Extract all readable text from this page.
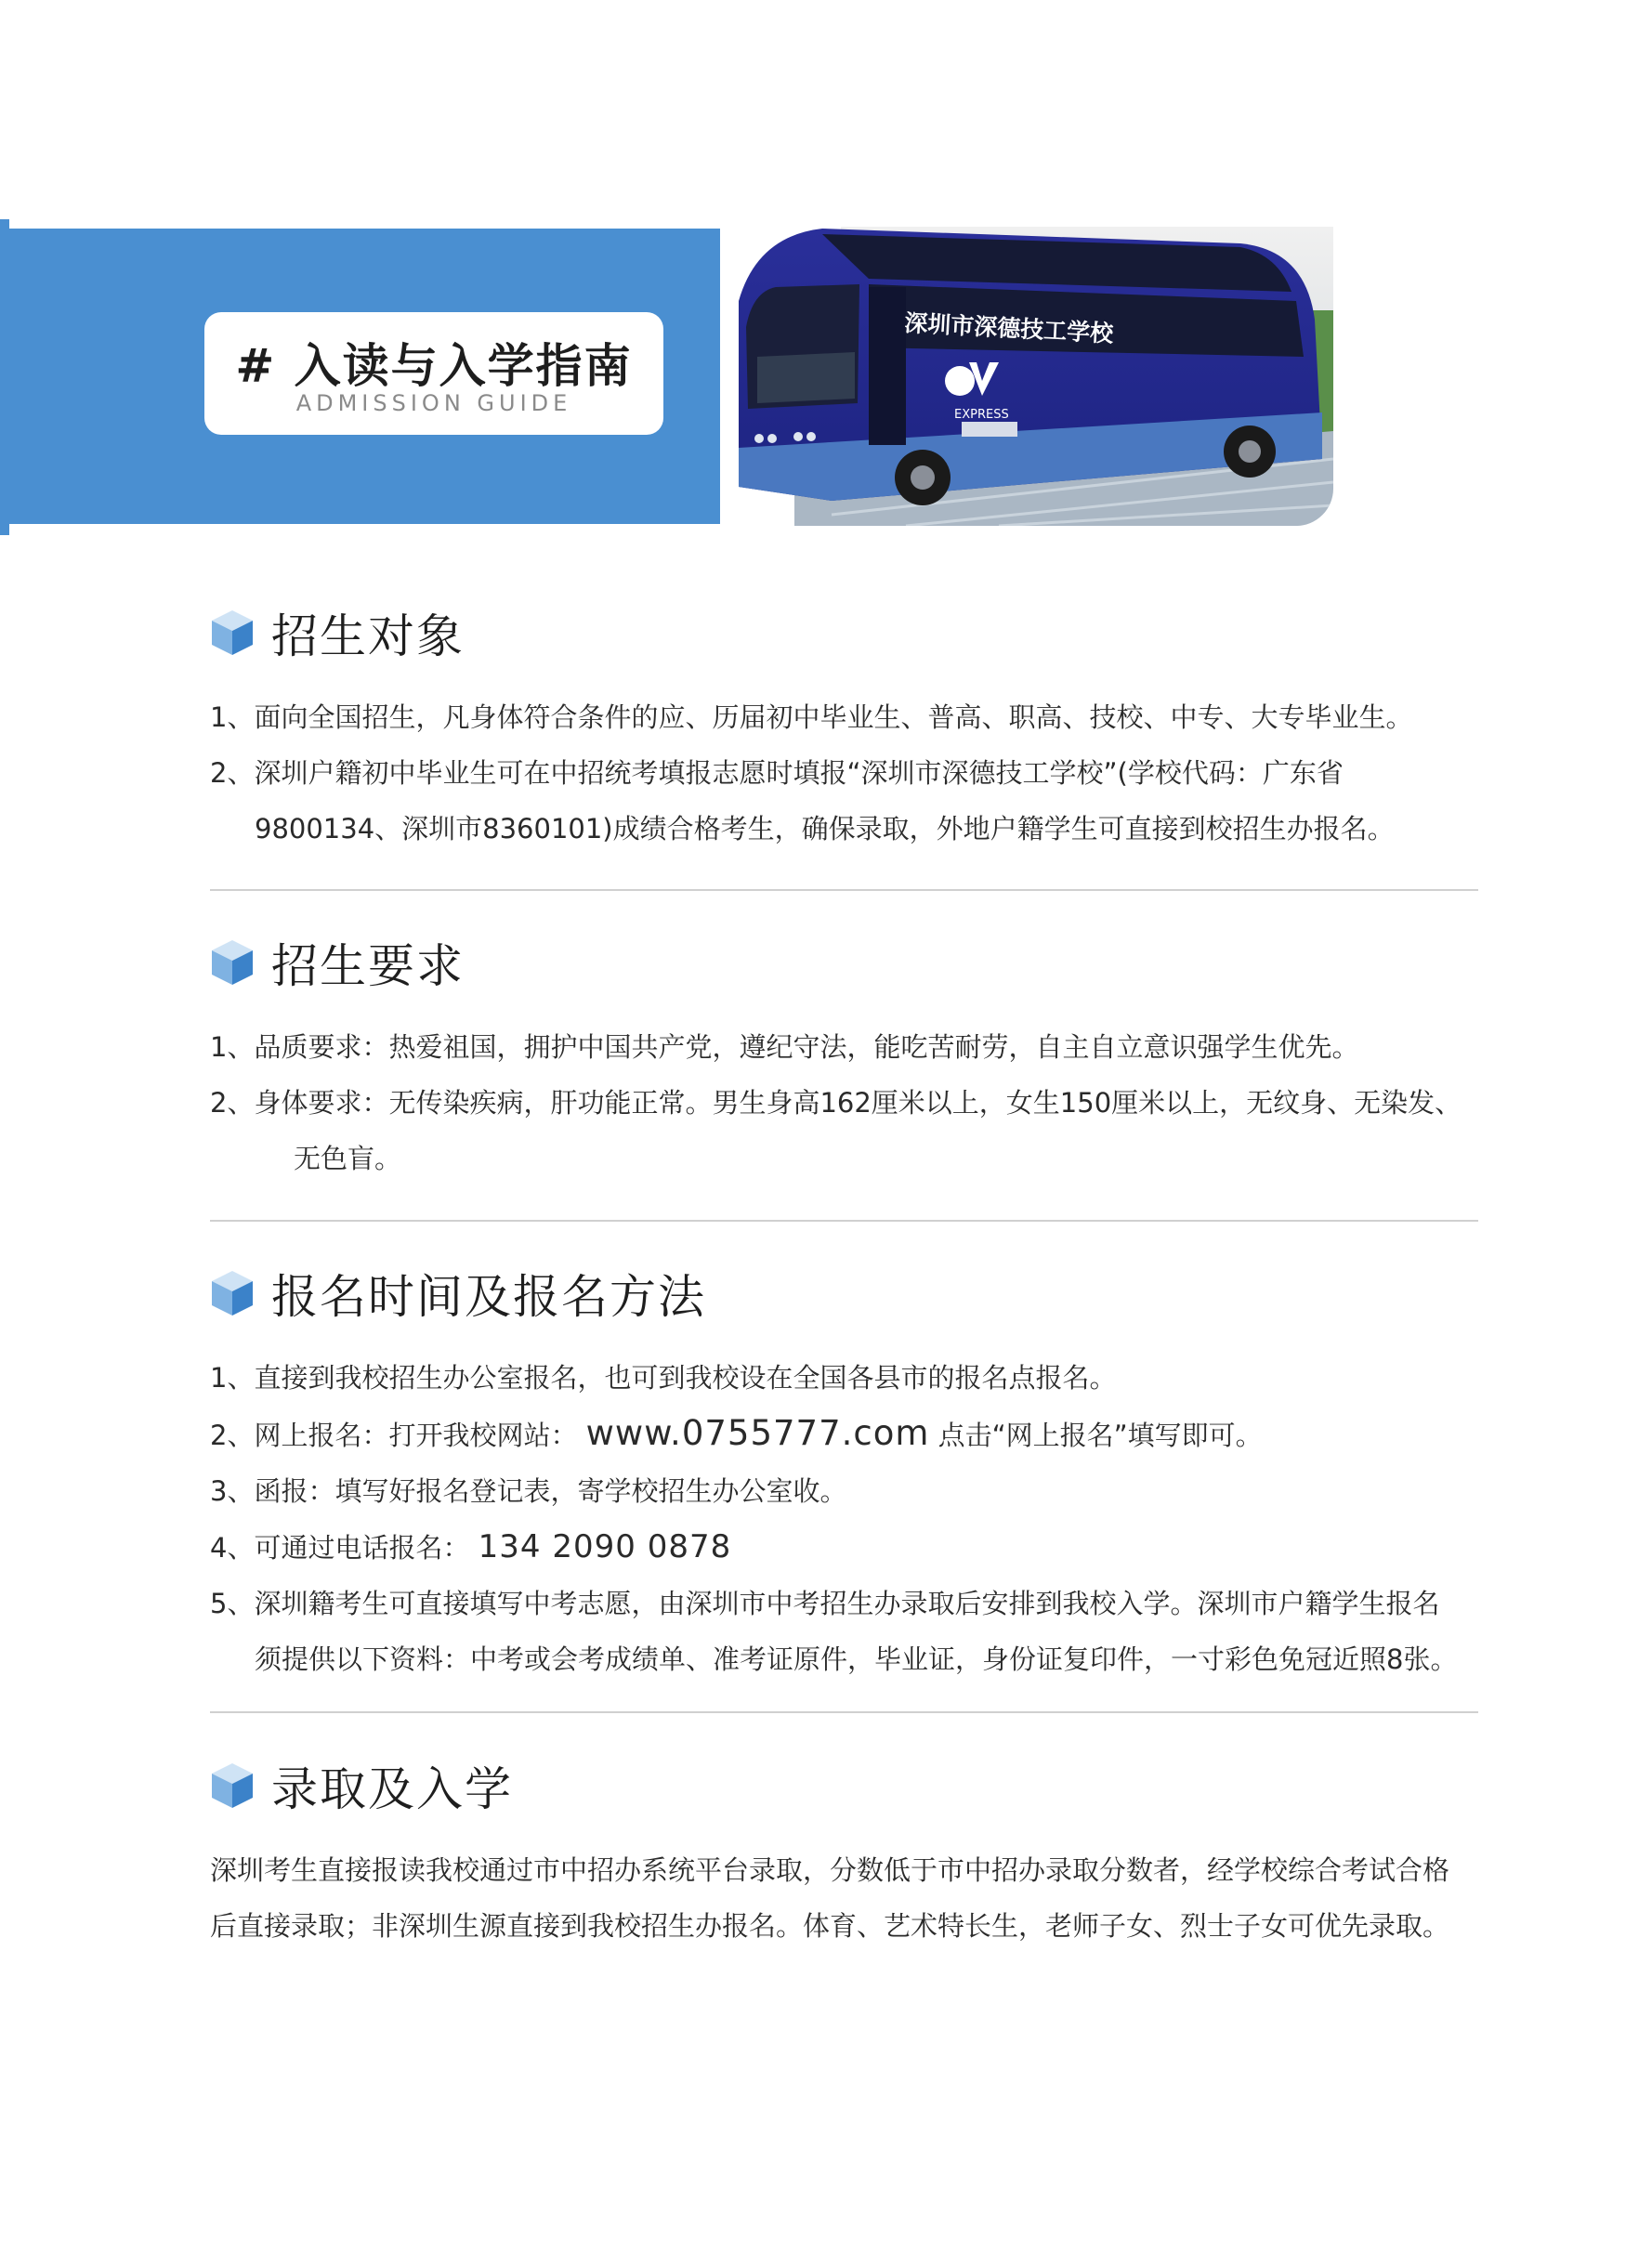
# 入读与入学指南
ADMISSION GUIDE
深圳市深德技工学校
EXPRESS
招生对象

1、面向全国招生，凡身体符合条件的应、历届初中毕业生、普高、职高、技校、中专、大专毕业生。

2、深圳户籍初中毕业生可在中招统考填报志愿时填报“深圳市深德技工学校”(学校代码：广东省

9800134、深圳市8360101)成绩合格考生，确保录取，外地户籍学生可直接到校招生办报名。

招生要求

1、品质要求：热爱祖国，拥护中国共产党，遵纪守法，能吃苦耐劳，自主自立意识强学生优先。

2、身体要求：无传染疾病，肝功能正常。男生身高162厘米以上，女生150厘米以上，无纹身、无染发、

无色盲。

报名时间及报名方法

1、直接到我校招生办公室报名，也可到我校设在全国各县市的报名点报名。

2、网上报名：打开我校网站： www.0755777.com 点击“网上报名”填写即可。

3、函报：填写好报名登记表，寄学校招生办公室收。

4、可通过电话报名： 134 2090 0878

5、深圳籍考生可直接填写中考志愿，由深圳市中考招生办录取后安排到我校入学。深圳市户籍学生报名

须提供以下资料：中考或会考成绩单、准考证原件，毕业证，身份证复印件，一寸彩色免冠近照8张。

录取及入学

深圳考生直接报读我校通过市中招办系统平台录取，分数低于市中招办录取分数者，经学校综合考试合格

后直接录取；非深圳生源直接到我校招生办报名。体育、艺术特长生，老师子女、烈士子女可优先录取。
